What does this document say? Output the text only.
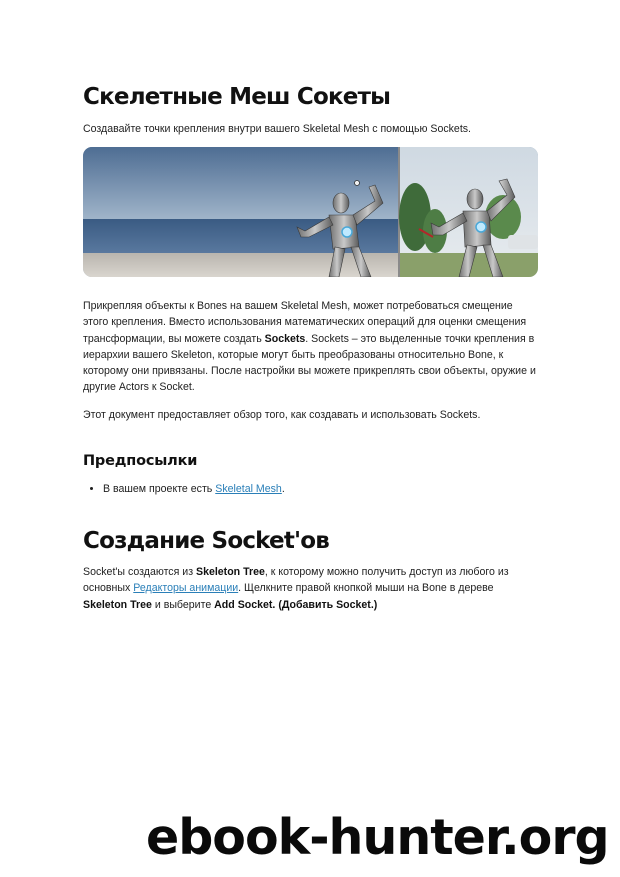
Скелетные Меш Сокеты

Создавайте точки крепления внутри вашего Skeletal Mesh с помощью Sockets.

Прикрепляя объекты к Bones на вашем Skeletal Mesh, может потребоваться смещение этого крепления. Вместо использования математических операций для оценки смещения трансформации, вы можете создать Sockets. Sockets – это выделенные точки крепления в иерархии вашего Skeleton, которые могут быть преобразованы относительно Bone, к которому они привязаны. После настройки вы можете прикреплять свои объекты, оружие и другие Actors к Socket.

Этот документ предоставляет обзор того, как создавать и использовать Sockets.

Предпосылки
• В вашем проекте есть Skeletal Mesh.
Создание Socket'ов

Socket'ы создаются из Skeleton Tree, к которому можно получить доступ из любого из основных Редакторы анимации. Щелкните правой кнопкой мыши на Bone в дереве Skeleton Tree и выберите Add Socket. (Добавить Socket.)

ebook-hunter.org
